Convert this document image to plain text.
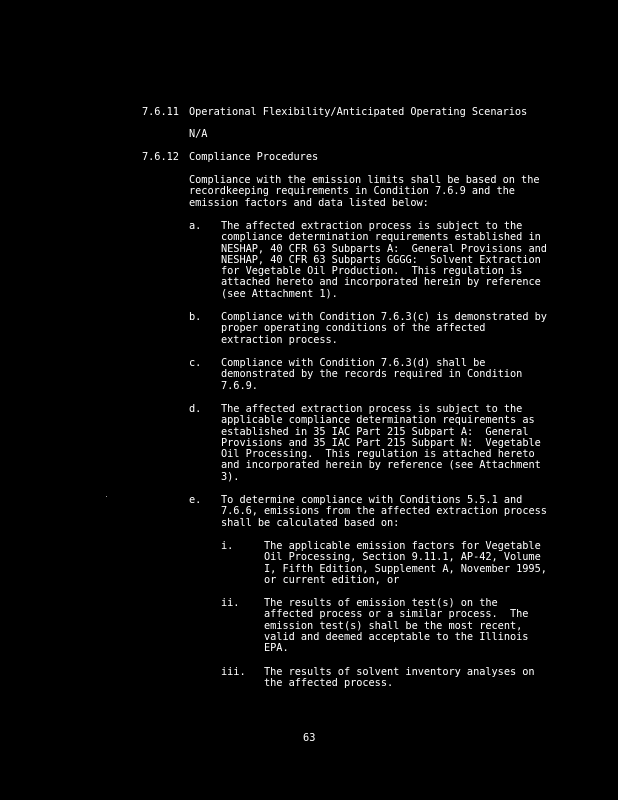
7.6.11 Operational Flexibility/Anticipated Operating Scenarios
N/A
7.6.12 Compliance Procedures
Compliance with the emission limits shall be based on the
recordkeeping requirements in Condition 7.6.9 and the
emission factors and data listed below:
a. The affected extraction process is subject to the
compliance determination requirements established in
NESHAP, 40 CFR 63 Subparts A:  General Provisions and
NESHAP, 40 CFR 63 Subparts GGGG:  Solvent Extraction
for Vegetable Oil Production.  This regulation is
attached hereto and incorporated herein by reference
(see Attachment 1).
b. Compliance with Condition 7.6.3(c) is demonstrated by
proper operating conditions of the affected
extraction process.
c. Compliance with Condition 7.6.3(d) shall be
demonstrated by the records required in Condition
7.6.9.
d. The affected extraction process is subject to the
applicable compliance determination requirements as
established in 35 IAC Part 215 Subpart A:  General
Provisions and 35 IAC Part 215 Subpart N:  Vegetable
Oil Processing.  This regulation is attached hereto
and incorporated herein by reference (see Attachment
3).
e. To determine compliance with Conditions 5.5.1 and
7.6.6, emissions from the affected extraction process
shall be calculated based on:
i.	The applicable emission factors for Vegetable
Oil Processing, Section 9.11.1, AP-42, Volume
I, Fifth Edition, Supplement A, November 1995,
or current edition, or
ii. The results of emission test(s) on the
affected process or a similar process.  The
emission test(s) shall be the most recent,
valid and deemed acceptable to the Illinois
EPA.
iii. The results of solvent inventory analyses on
the affected process.
63
